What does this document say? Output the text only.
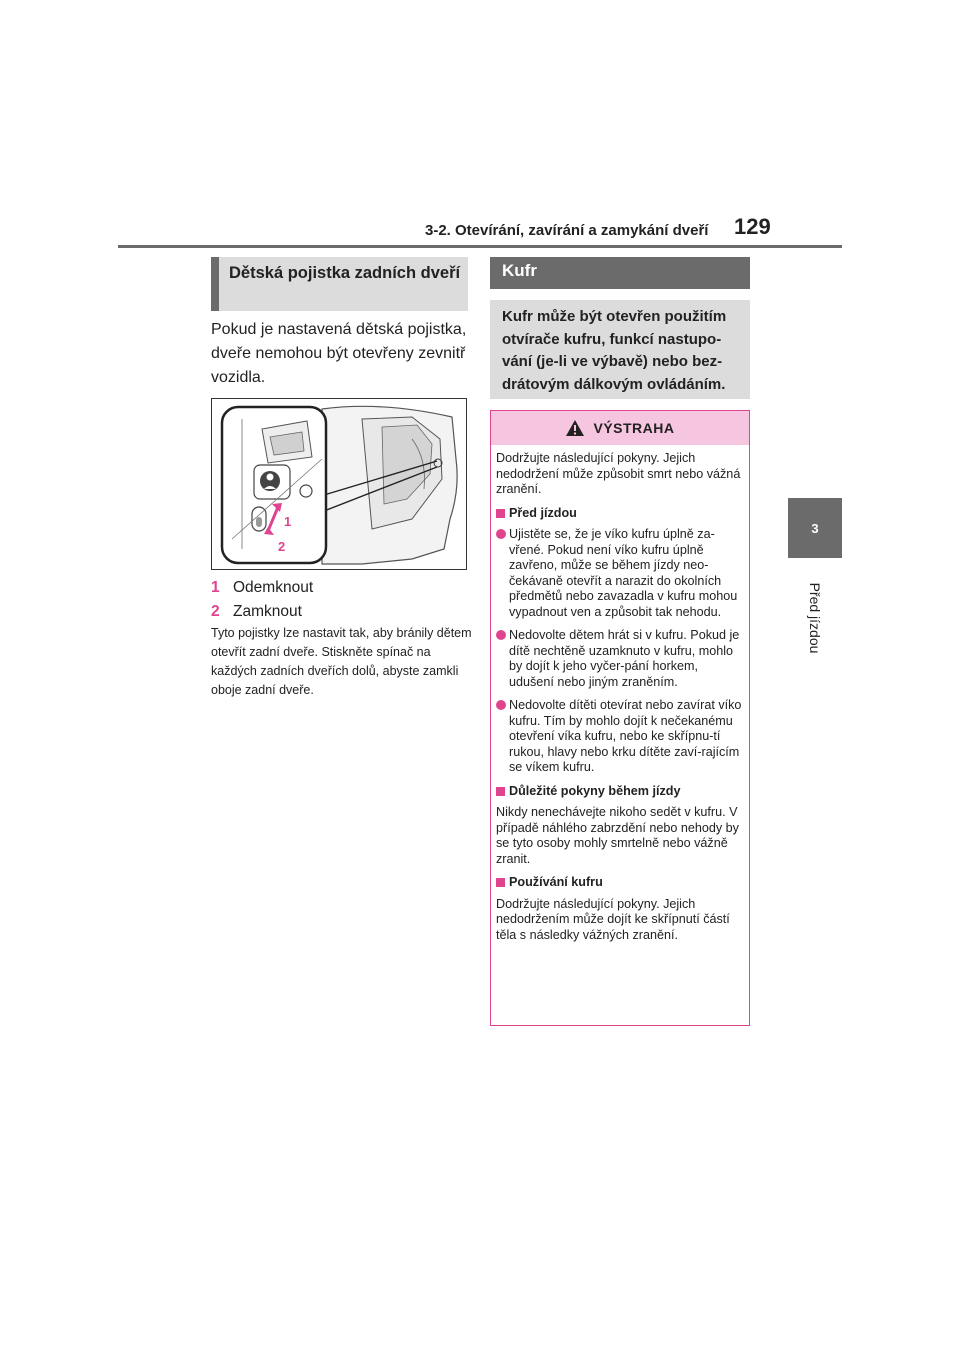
3-2. Otevírání, zavírání a zamykání dveří 129
3
Před jízdou
Dětská pojistka zadních dveří
Pokud je nastavená dětská pojistka, dveře nemohou být otevřeny zevnitř vozidla.
1
2
1 Odemknout
2 Zamknout
Tyto pojistky lze nastavit tak, aby bránily dětem otevřít zadní dveře. Stiskněte spínač na každých zadních dveřích dolů, abyste zamkli oboje zadní dveře.
Kufr
Kufr může být otevřen použitím otvírače kufru, funkcí nastupo-vání (je-li ve výbavě) nebo bez-drátovým dálkovým ovládáním.
VÝSTRAHA

Dodržujte následující pokyny. Jejich nedodržení může způsobit smrt nebo vážná zranění.

Před jízdou
Ujistěte se, že je víko kufru úplně za-vřené. Pokud není víko kufru úplně zavřeno, může se během jízdy neo-čekávaně otevřít a narazit do okolních předmětů nebo zavazadla v kufru mohou vypadnout ven a způsobit tak nehodu.
Nedovolte dětem hrát si v kufru. Pokud je dítě nechtěně uzamknuto v kufru, mohlo by dojít k jeho vyčer-pání horkem, udušení nebo jiným zraněním.
Nedovolte dítěti otevírat nebo zavírat víko kufru. Tím by mohlo dojít k nečekanému otevření víka kufru, nebo ke skřípnu-tí rukou, hlavy nebo krku dítěte zaví-rajícím se víkem kufru.
Důležité pokyny během jízdy

Nikdy nenechávejte nikoho sedět v kufru. V případě náhlého zabrzdění nebo nehody by se tyto osoby mohly smrtelně nebo vážně zranit.

Používání kufru

Dodržujte následující pokyny. Jejich nedodržením může dojít ke skřípnutí částí těla s následky vážných zranění.
